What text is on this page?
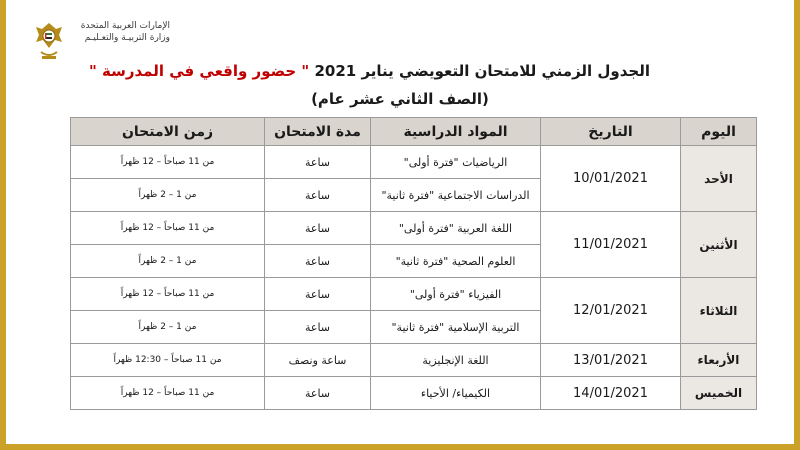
الإمارات العربية المتحدة
وزارة التربيـة والتعـليـم
الجدول الزمني للامتحان التعويضي يناير 2021 " حضور واقعي في المدرسة "
(الصف الثاني عشر عام)
اليوم	التاريخ	المواد الدراسية	مدة الامتحان	زمن الامتحان
الأحد	10/01/2021	الرياضيات "فترة أولى"	ساعة	من 11 صباحاً – 12 ظهراً
		الدراسات الاجتماعية "فترة ثانية"	ساعة	من 1 – 2 ظهراً
الأثنين	11/01/2021	اللغة العربية "فترة أولى"	ساعة	من 11 صباحاً – 12 ظهراً
		العلوم الصحية "فترة ثانية"	ساعة	من 1 – 2 ظهراً
الثلاثاء	12/01/2021	الفيزياء "فترة أولى"	ساعة	من 11 صباحاً – 12 ظهراً
		التربية الإسلامية "فترة ثانية"	ساعة	من 1 – 2 ظهراً
الأربعاء	13/01/2021	اللغة الإنجليزية	ساعة ونصف	من 11 صباحاً – 12:30 ظهراً
الخميس	14/01/2021	الكيمياء/ الأحياء	ساعة	من 11 صباحاً – 12 ظهراً
